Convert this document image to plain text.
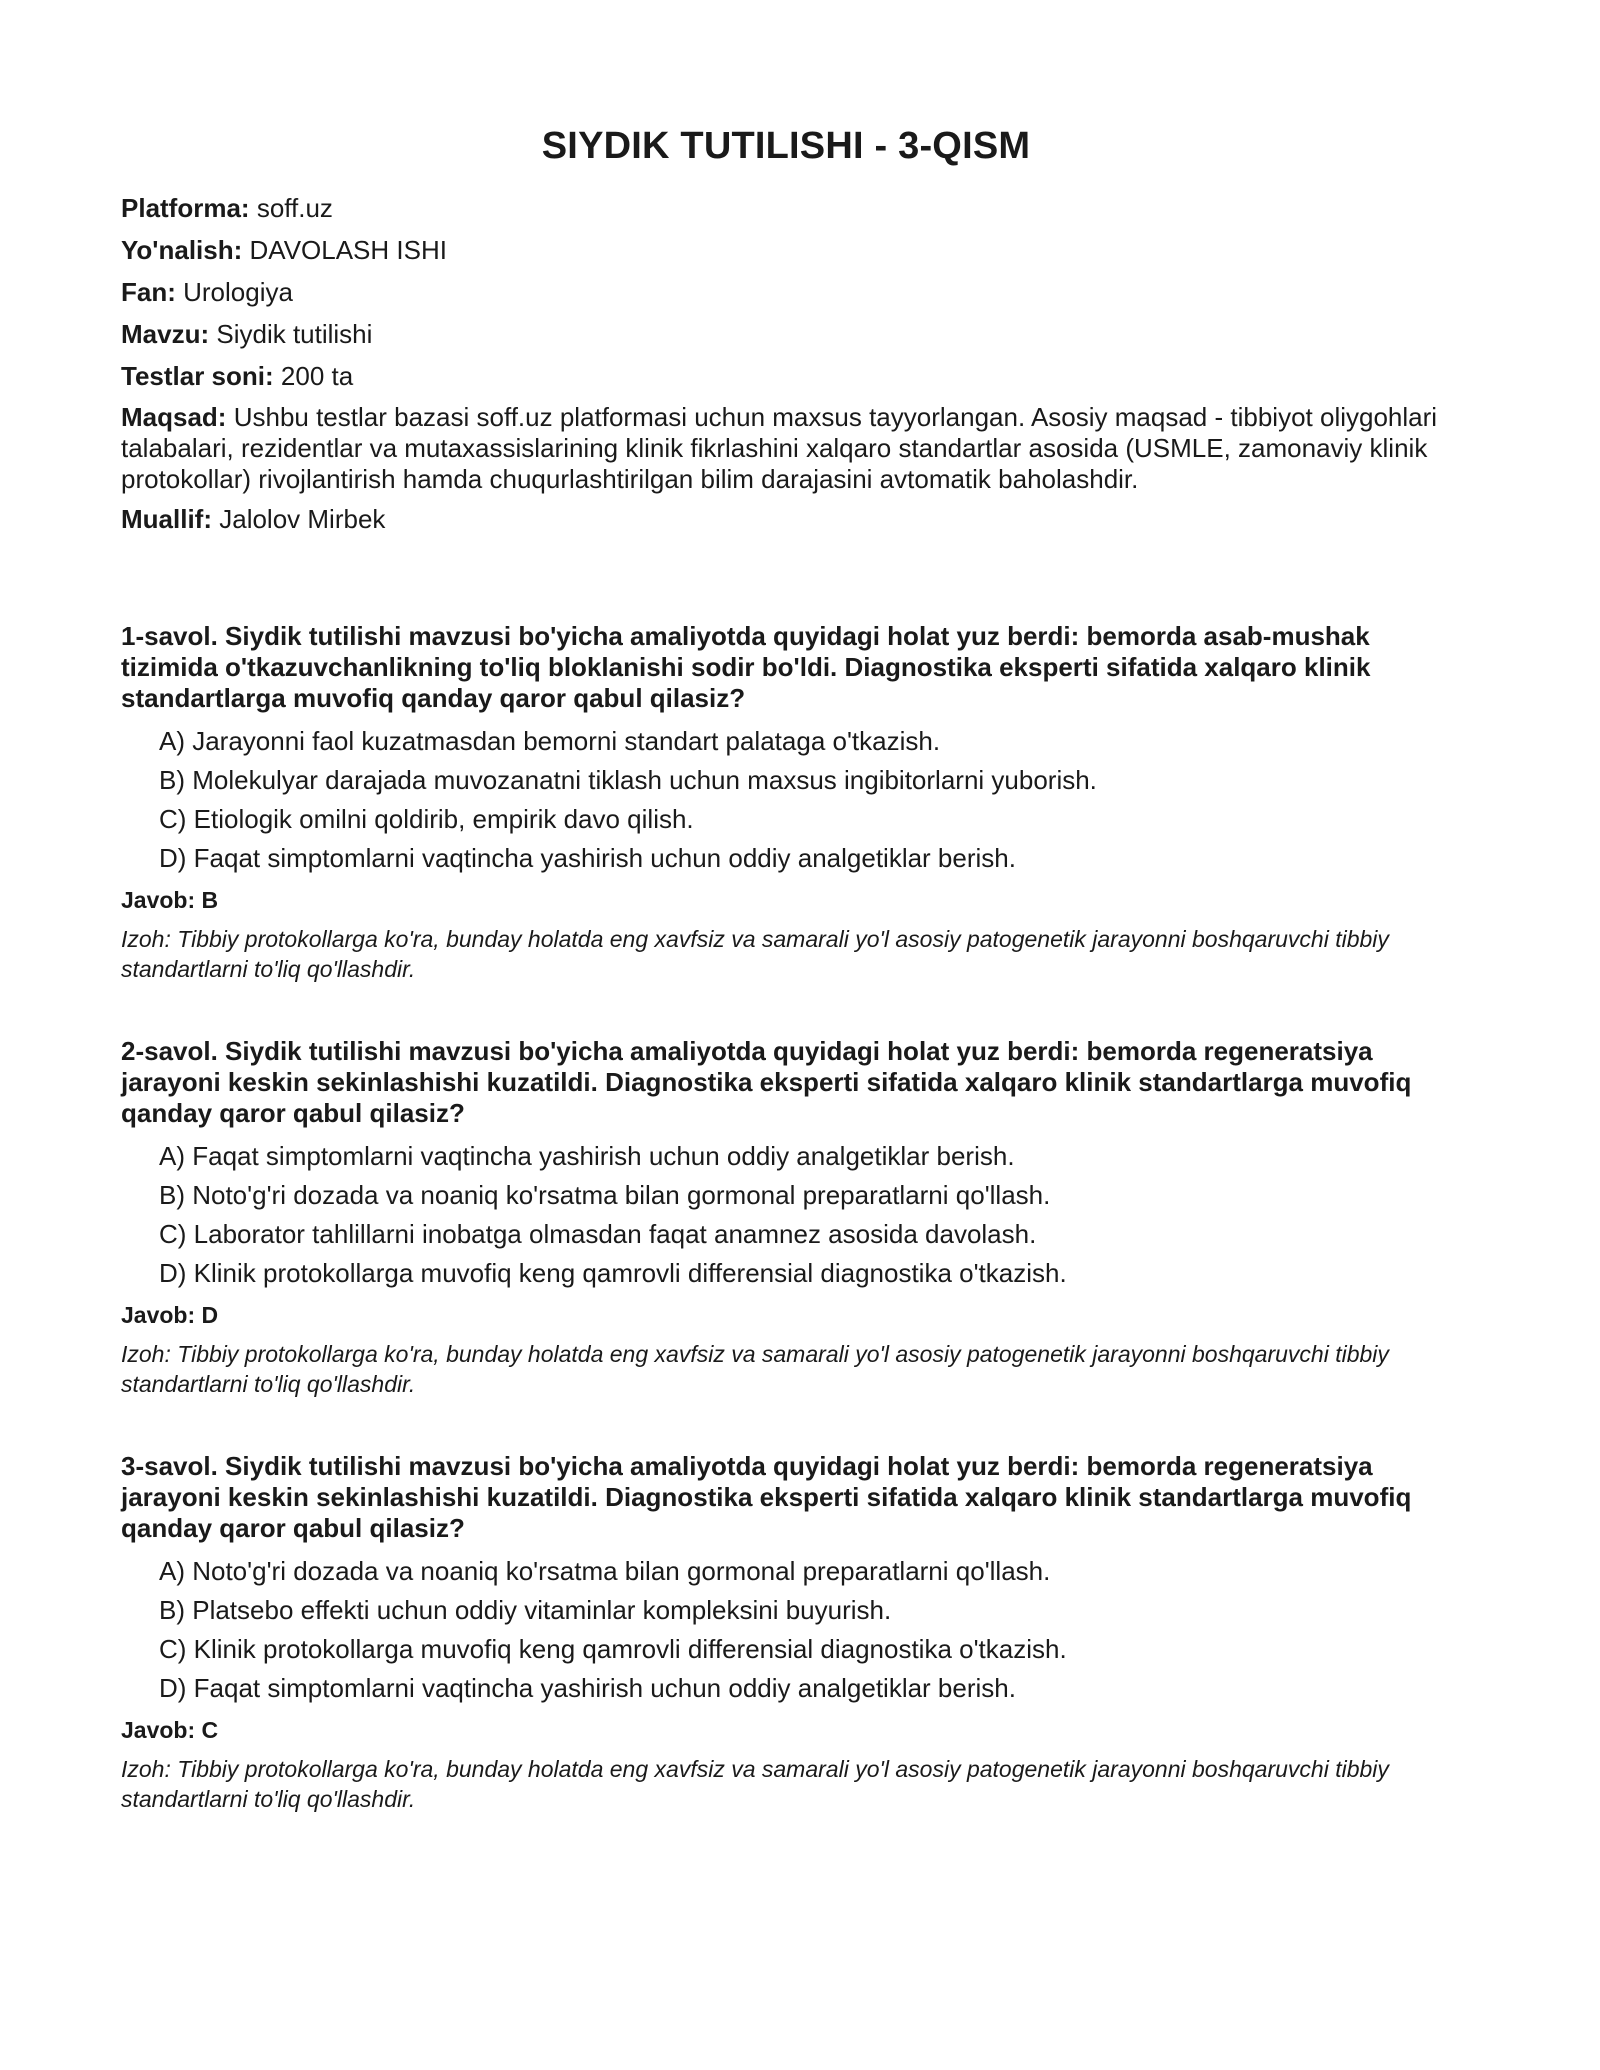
SIYDIK TUTILISHI - 3-QISM
Platforma: soff.uz
Yo'nalish: DAVOLASH ISHI
Fan: Urologiya
Mavzu: Siydik tutilishi
Testlar soni: 200 ta
Maqsad: Ushbu testlar bazasi soff.uz platformasi uchun maxsus tayyorlangan. Asosiy maqsad - tibbiyot oliygohlari talabalari, rezidentlar va mutaxassislarining klinik fikrlashini xalqaro standartlar asosida (USMLE, zamonaviy klinik protokollar) rivojlantirish hamda chuqurlashtirilgan bilim darajasini avtomatik baholashdir.
Muallif: Jalolov Mirbek

1-savol. Siydik tutilishi mavzusi bo'yicha amaliyotda quyidagi holat yuz berdi: bemorda asab-mushak tizimida o'tkazuvchanlikning to'liq bloklanishi sodir bo'ldi. Diagnostika eksperti sifatida xalqaro klinik standartlarga muvofiq qanday qaror qabul qilasiz?

A) Jarayonni faol kuzatmasdan bemorni standart palataga o'tkazish.
B) Molekulyar darajada muvozanatni tiklash uchun maxsus ingibitorlarni yuborish.
C) Etiologik omilni qoldirib, empirik davo qilish.
D) Faqat simptomlarni vaqtincha yashirish uchun oddiy analgetiklar berish.
Javob: B
Izoh: Tibbiy protokollarga ko'ra, bunday holatda eng xavfsiz va samarali yo'l asosiy patogenetik jarayonni boshqaruvchi tibbiy standartlarni to'liq qo'llashdir.

2-savol. Siydik tutilishi mavzusi bo'yicha amaliyotda quyidagi holat yuz berdi: bemorda regeneratsiya jarayoni keskin sekinlashishi kuzatildi. Diagnostika eksperti sifatida xalqaro klinik standartlarga muvofiq qanday qaror qabul qilasiz?

A) Faqat simptomlarni vaqtincha yashirish uchun oddiy analgetiklar berish.
B) Noto'g'ri dozada va noaniq ko'rsatma bilan gormonal preparatlarni qo'llash.
C) Laborator tahlillarni inobatga olmasdan faqat anamnez asosida davolash.
D) Klinik protokollarga muvofiq keng qamrovli differensial diagnostika o'tkazish.
Javob: D
Izoh: Tibbiy protokollarga ko'ra, bunday holatda eng xavfsiz va samarali yo'l asosiy patogenetik jarayonni boshqaruvchi tibbiy standartlarni to'liq qo'llashdir.

3-savol. Siydik tutilishi mavzusi bo'yicha amaliyotda quyidagi holat yuz berdi: bemorda regeneratsiya jarayoni keskin sekinlashishi kuzatildi. Diagnostika eksperti sifatida xalqaro klinik standartlarga muvofiq qanday qaror qabul qilasiz?

A) Noto'g'ri dozada va noaniq ko'rsatma bilan gormonal preparatlarni qo'llash.
B) Platsebo effekti uchun oddiy vitaminlar kompleksini buyurish.
C) Klinik protokollarga muvofiq keng qamrovli differensial diagnostika o'tkazish.
D) Faqat simptomlarni vaqtincha yashirish uchun oddiy analgetiklar berish.
Javob: C
Izoh: Tibbiy protokollarga ko'ra, bunday holatda eng xavfsiz va samarali yo'l asosiy patogenetik jarayonni boshqaruvchi tibbiy standartlarni to'liq qo'llashdir.
